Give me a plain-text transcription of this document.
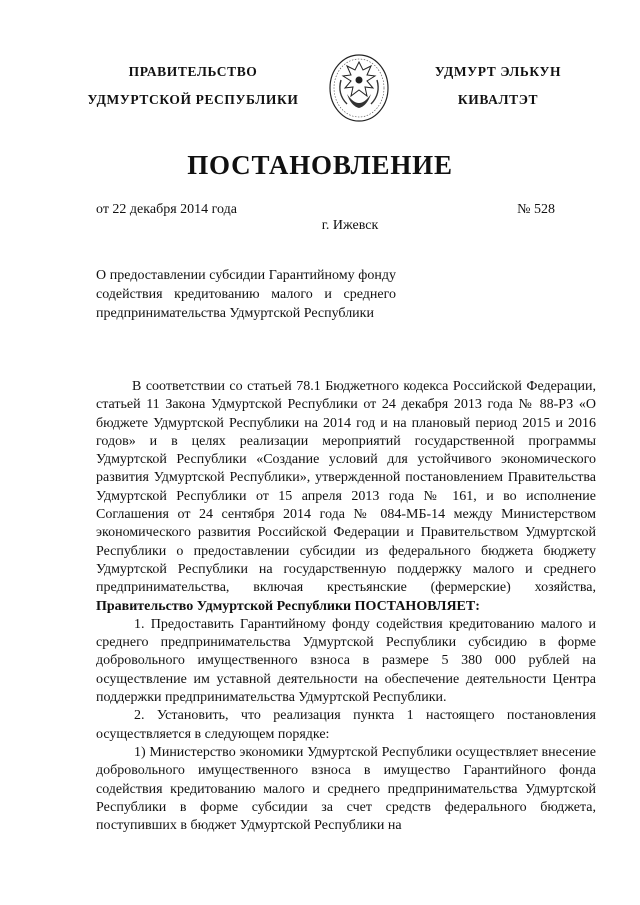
ПРАВИТЕЛЬСТВО
УДМУРТСКОЙ РЕСПУБЛИКИ
УДМУРТ ЭЛЬКУН
КИВАЛТЭТ
ПОСТАНОВЛЕНИЕ
от 22 декабря 2014 года	№ 528
г. Ижевск
О предоставлении субсидии Гарантийному фонду содействия кредитованию малого и среднего предпринимательства Удмуртской Республики

В соответствии со статьей 78.1 Бюджетного кодекса Российской Федерации, статьей 11 Закона Удмуртской Республики от 24 декабря 2013 года № 88-РЗ «О бюджете Удмуртской Республики на 2014 год и на плановый период 2015 и 2016 годов» и в целях реализации мероприятий государственной программы Удмуртской Республики «Создание условий для устойчивого экономического развития Удмуртской Республики», утвержденной постановлением Правительства Удмуртской Республики от 15 апреля 2013 года № 161, и во исполнение Соглашения от 24 сентября 2014 года № 084-МБ-14 между Министерством экономического развития Российской Федерации и Правительством Удмуртской Республики о предоставлении субсидии из федерального бюджета бюджету Удмуртской Республики на государственную поддержку малого и среднего предпринимательства, включая крестьянские (фермерские) хозяйства, Правительство Удмуртской Республики ПОСТАНОВЛЯЕТ:

1. Предоставить Гарантийному фонду содействия кредитованию малого и среднего предпринимательства Удмуртской Республики субсидию в форме добровольного имущественного взноса в размере 5 380 000 рублей на осуществление им уставной деятельности на обеспечение деятельности Центра поддержки предпринимательства Удмуртской Республики.

2. Установить, что реализация пункта 1 настоящего постановления осуществляется в следующем порядке:

1) Министерство экономики Удмуртской Республики осуществляет внесение добровольного имущественного взноса в имущество Гарантийного фонда содействия кредитованию малого и среднего предпринимательства Удмуртской Республики в форме субсидии за счет средств федерального бюджета, поступивших в бюджет Удмуртской Республики на
